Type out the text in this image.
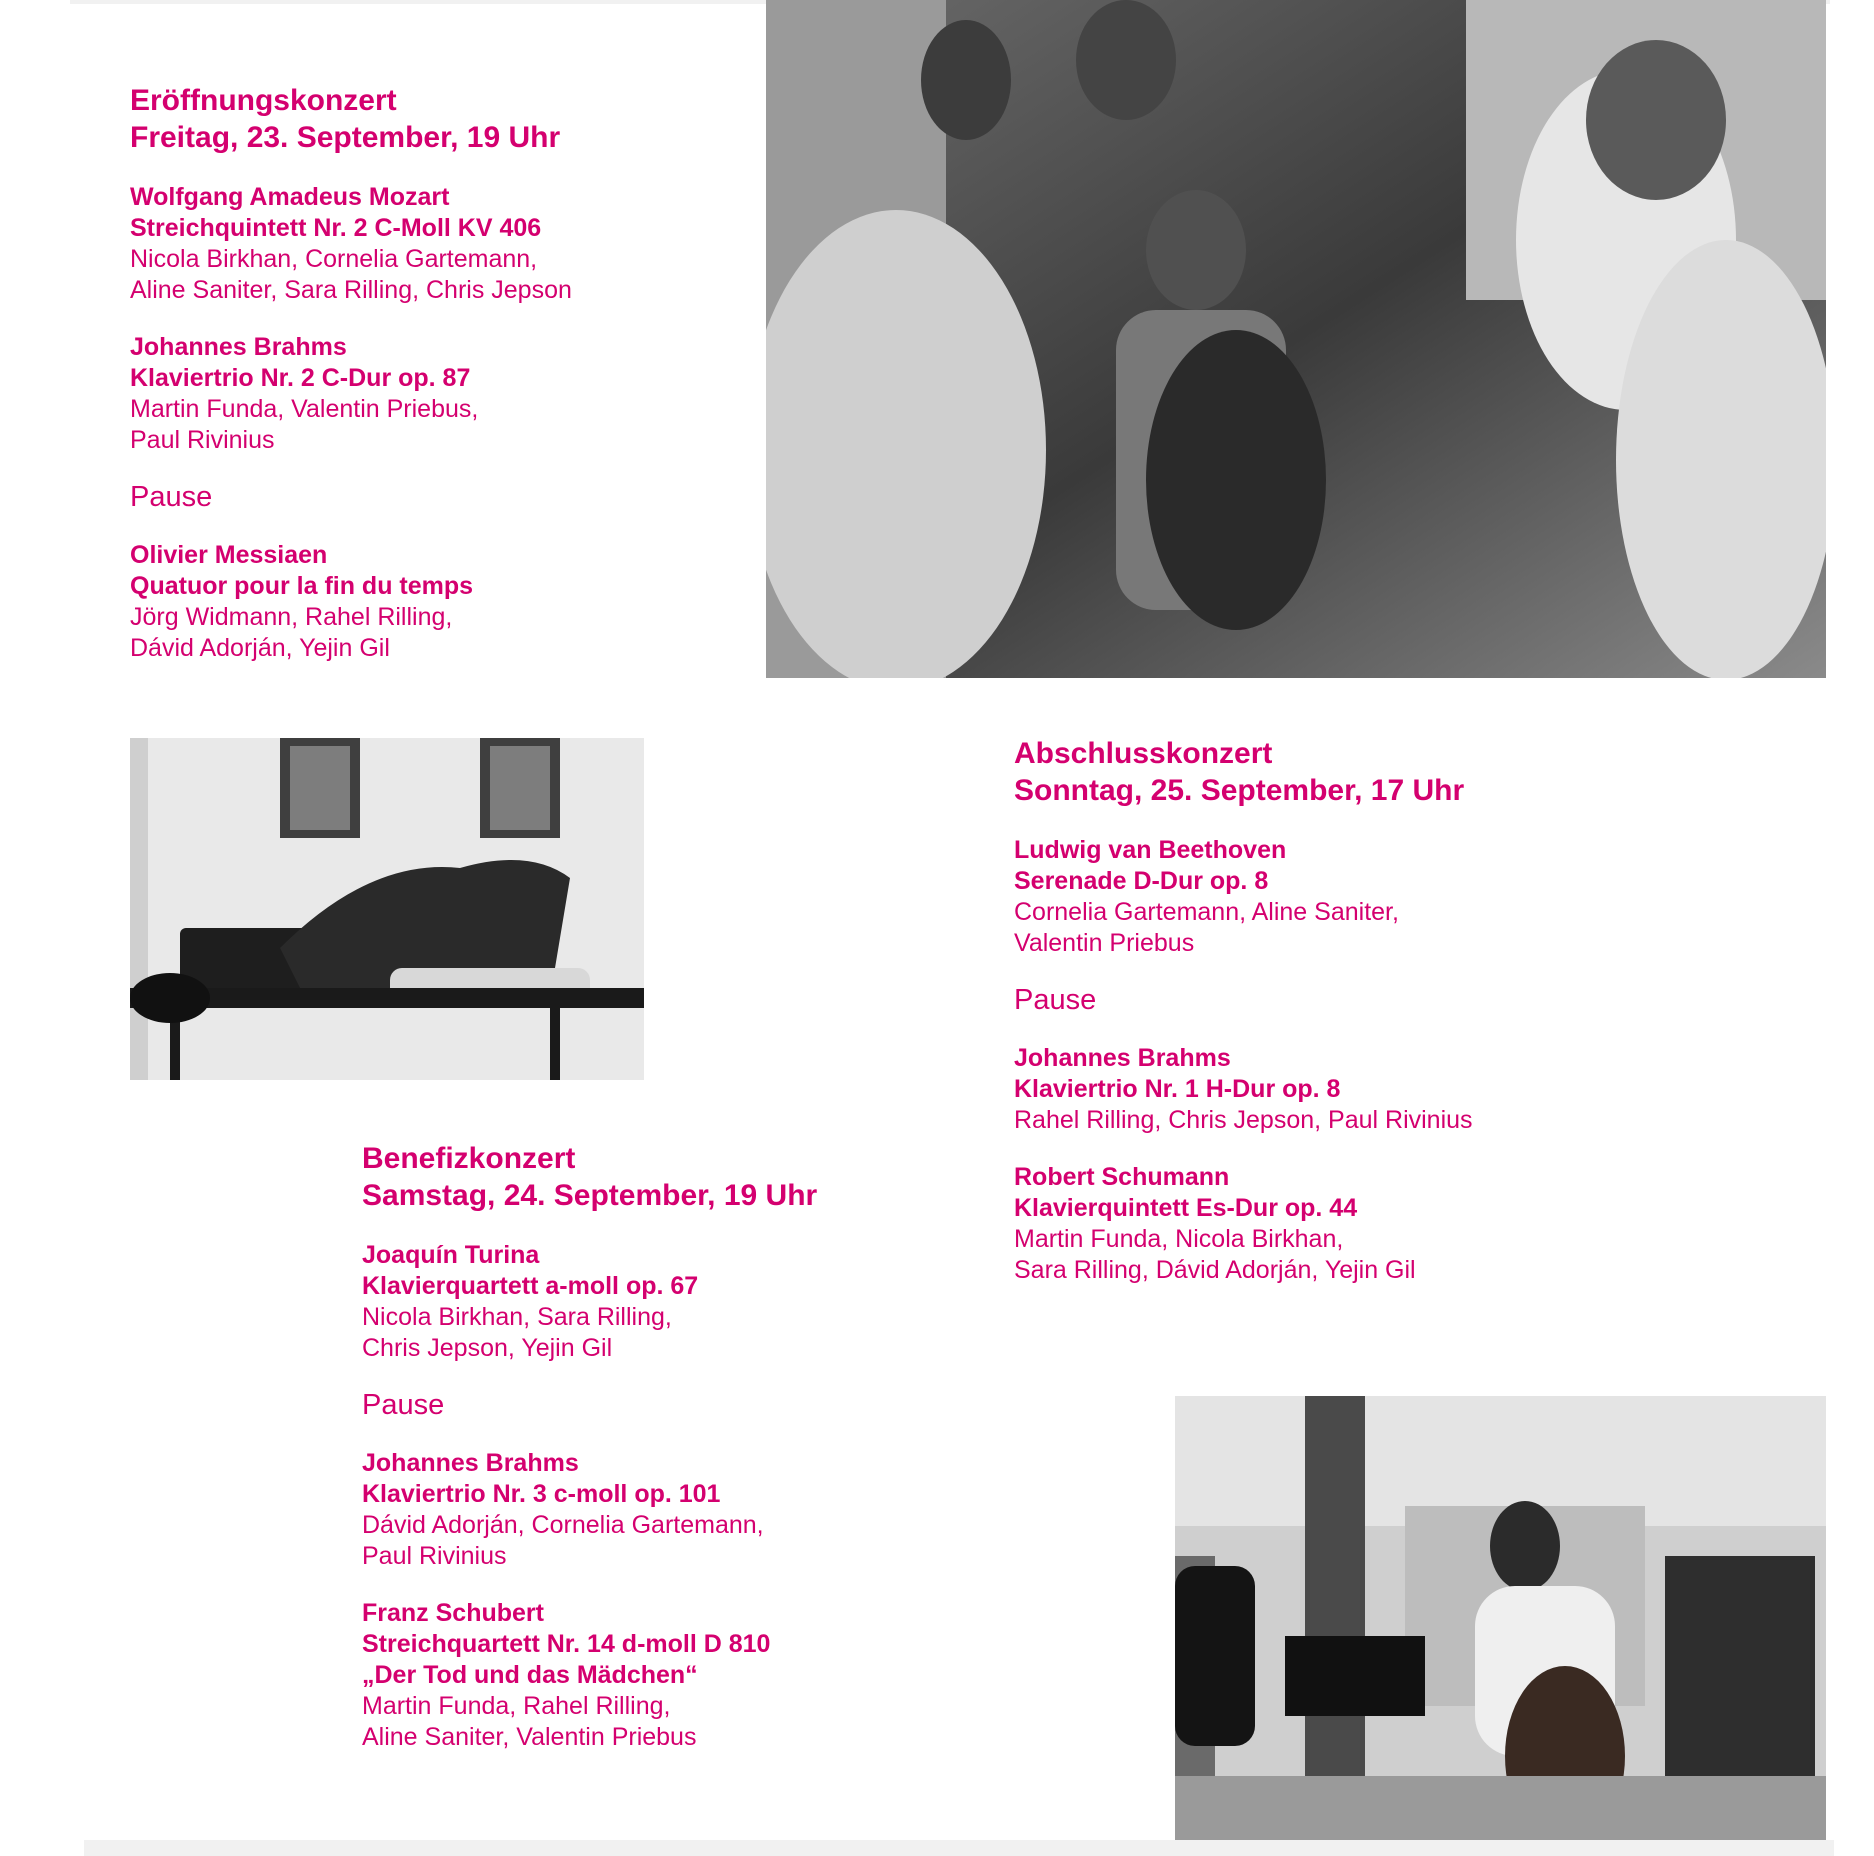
Eröffnungskonzert
Freitag, 23. September, 19 Uhr
Wolfgang Amadeus Mozart
Streichquintett Nr. 2 C-Moll KV 406
Nicola Birkhan, Cornelia Gartemann,
Aline Saniter, Sara Rilling, Chris Jepson
Johannes Brahms
Klaviertrio Nr. 2 C-Dur op. 87
Martin Funda, Valentin Priebus,
Paul Rivinius
Pause
Olivier Messiaen
Quatuor pour la fin du temps
Jörg Widmann, Rahel Rilling,
Dávid Adorján, Yejin Gil
Benefizkonzert
Samstag, 24. September, 19 Uhr
Joaquín Turina
Klavierquartett a-moll op. 67
Nicola Birkhan, Sara Rilling,
Chris Jepson, Yejin Gil
Pause
Johannes Brahms
Klaviertrio Nr. 3 c-moll op. 101
Dávid Adorján, Cornelia Gartemann,
Paul Rivinius
Franz Schubert
Streichquartett Nr. 14 d-moll D 810
„Der Tod und das Mädchen“
Martin Funda, Rahel Rilling,
Aline Saniter, Valentin Priebus
Abschlusskonzert
Sonntag, 25. September, 17 Uhr
Ludwig van Beethoven
Serenade D-Dur op. 8
Cornelia Gartemann, Aline Saniter,
Valentin Priebus
Pause
Johannes Brahms
Klaviertrio Nr. 1 H-Dur op. 8
Rahel Rilling, Chris Jepson, Paul Rivinius
Robert Schumann
Klavierquintett Es-Dur op. 44
Martin Funda, Nicola Birkhan,
Sara Rilling, Dávid Adorján, Yejin Gil
